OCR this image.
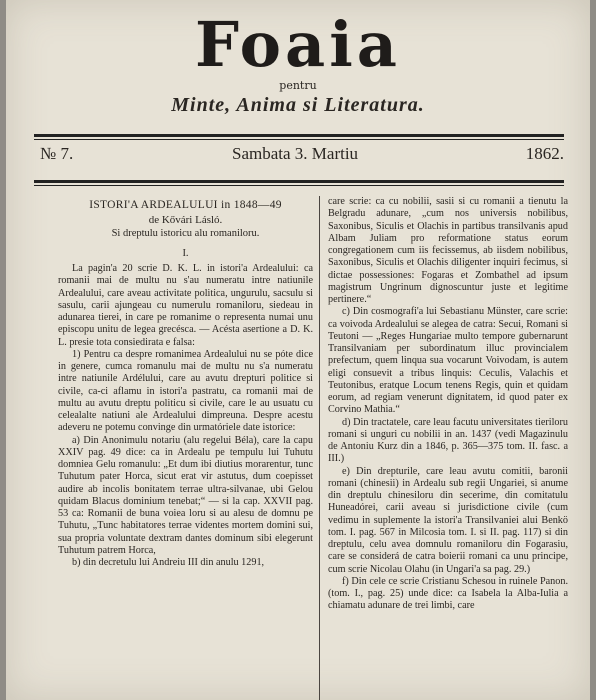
Foaia
pentru
Minte, Anima si Literatura.
№ 7.	Sambata 3. Martiu	1862.
ISTORI'A ARDEALULUI in 1848—49
de Kővári Lásló.
Si dreptulu istoricu alu romaniloru.
I.

La pagin'a 20 scrie D. K. L. in istori'a Ardealului: ca romanii mai de multu nu s'au numeratu intre natiunile Ardealului, care aveau activitate politica, ungurulu, sacsulu si sasulu, carii ajungeau cu numerulu romaniloru, siedeau in adunarea tierei, in care pe romanime o representa numai unu episcopu unitu de legea grecésca. — Acésta asertione a D. K. L. presie tota consiedirata e falsa:

1) Pentru ca despre romanimea Ardealului nu se póte dice in genere, cumca romanulu mai de multu nu s'a numeratu intre natiunile Ardélului, care au avutu drepturi politice si civile, ca-ci aflamu in istori'a pastratu, ca romanii mai de multu au avutu dreptu politicu si civile, care le au usuatu cu celealalte natiuni ale Ardealului dimpreuna. Despre acestu adeveru ne potemu convinge din urmatóriele date istorice:

a) Din Anonimulu notariu (alu regelui Béla), care la capu XXIV pag. 49 dice: ca in Ardealu pe tempulu lui Tuhutu domniea Gelu romanulu: „Et dum ibi diutius morarentur, tunc Tuhutum pater Horca, sicut erat vir astutus, dum coepisset audire ab incolis bonitatem terrae ultra-silvanae, ubi Gelou quidam Blacus dominium tenebat;“ — si la cap. XXVII pag. 53 ca: Romanii de buna voiea loru si au alesu de domnu pe Tuhutu, „Tunc habitatores terrae videntes mortem domini sui, sua propria voluntate dextram dantes dominum sibi elegerunt Tuhutum patrem Horca,

b) din decretulu lui Andreiu III din anulu 1291,

care scrie: ca cu nobilii, sasii si cu romanii a tienutu la Belgradu adunare, „cum nos universis nobilibus, Saxonibus, Siculis et Olachis in partibus transilvanis apud Albam Juliam pro reformatione status eorum congregationem cum iis fecissemus, ab iisdem nobilibus, Saxonibus, Siculis et Olachis diligenter inquiri fecimus, si dictae possessiones: Fogaras et Zombathel ad ipsum magistrum Ungrinum dignoscuntur juste et legitime pertinere.“

c) Din cosmografi'a lui Sebastianu Münster, care scrie: ca voivoda Ardealului se alegea de catra: Secui, Romani si Teutoni — „Reges Hungariae multo tempore gubernarunt Transilvaniam per subordinatum illuc provincialem prefectum, quem linqua sua vocarunt Voivodam, is autem eligi consuevit a tribus linquis: Ceculis, Valachis et Teutonibus, eratque Locum tenens Regis, quin et quidam eorum, ad regiam venerunt dignitatem, id quod pater ex Corvino Mathia.“

d) Din tractatele, care leau facutu universitates tieriloru romani si unguri cu nobilii in an. 1437 (vedi Magazinulu de Antoniu Kurz din a 1846, p. 365—375 tom. II. fasc. a III.)

e) Din drepturile, care leau avutu comitii, baronii romani (chinesii) in Ardealu sub regii Ungariei, si anume din dreptulu chinesiloru din secerime, din comitatulu Huneadórei, carii aveau si jurisdictione civile (cum vedimu in suplemente la istori'a Transilvaniei alui Benkö tom. I. pag. 567 in Milcosia tom. I. si II. pag. 117) si din dreptulu, celu avea domnulu romaniloru din Fogarasiu, care se considerá de catra boierii romani ca unu principe, cum scrie Nicolau Olahu (in Ungari'a sa pag. 29.)

f) Din cele ce scrie Cristianu Schesou in ruinele Panon. (tom. I., pag. 25) unde dice: ca Isabela la Alba-Iulia a chiamatu adunare de trei limbi, care
